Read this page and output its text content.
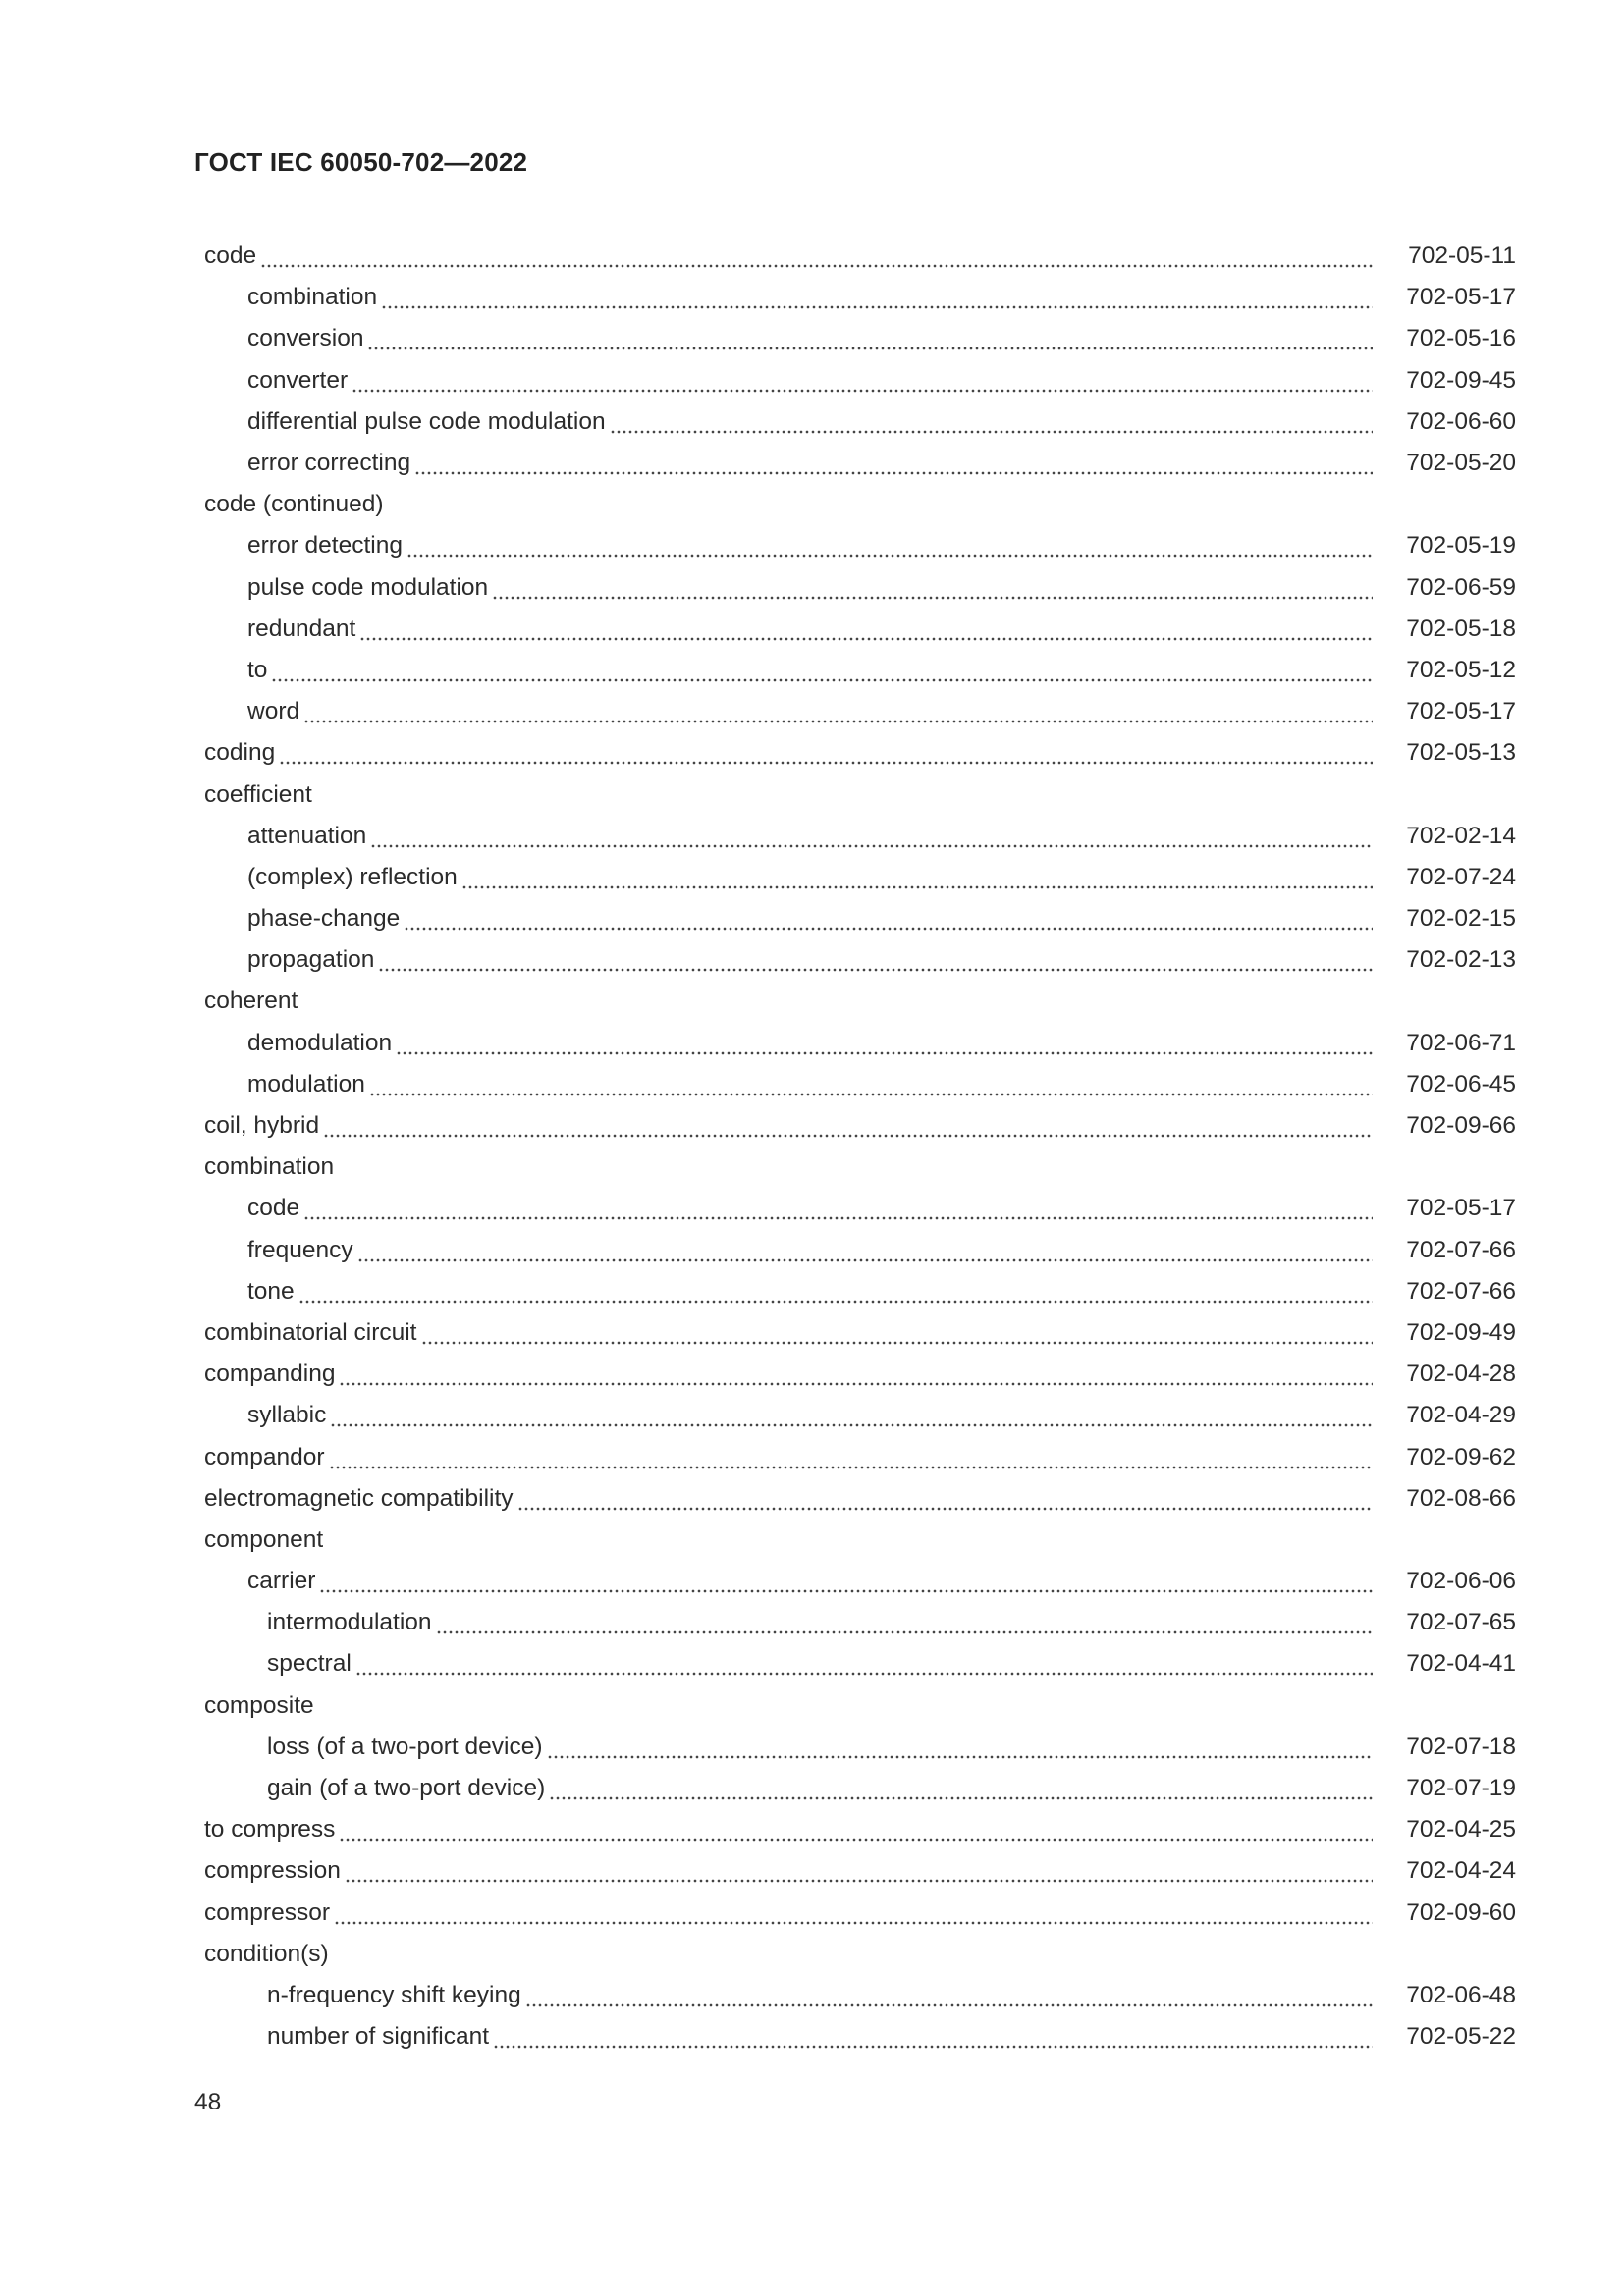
ГОСТ IEC 60050-702—2022
code	702-05-11
combination	702-05-17
conversion	702-05-16
converter	702-09-45
differential pulse code modulation	702-06-60
error correcting	702-05-20
code (continued)
error detecting	702-05-19
pulse code modulation	702-06-59
redundant	702-05-18
to	702-05-12
word	702-05-17
coding	702-05-13
coefficient
attenuation	702-02-14
(complex) reflection	702-07-24
phase-change	702-02-15
propagation	702-02-13
coherent
demodulation	702-06-71
modulation	702-06-45
coil, hybrid	702-09-66
combination
code	702-05-17
frequency	702-07-66
tone	702-07-66
combinatorial circuit	702-09-49
companding	702-04-28
syllabic	702-04-29
compandor	702-09-62
electromagnetic compatibility	702-08-66
component
carrier	702-06-06
intermodulation	702-07-65
spectral	702-04-41
composite
loss (of a two-port device)	702-07-18
gain (of a two-port device)	702-07-19
to compress	702-04-25
compression	702-04-24
compressor	702-09-60
condition(s)
n-frequency shift keying	702-06-48
number of significant	702-05-22
48
